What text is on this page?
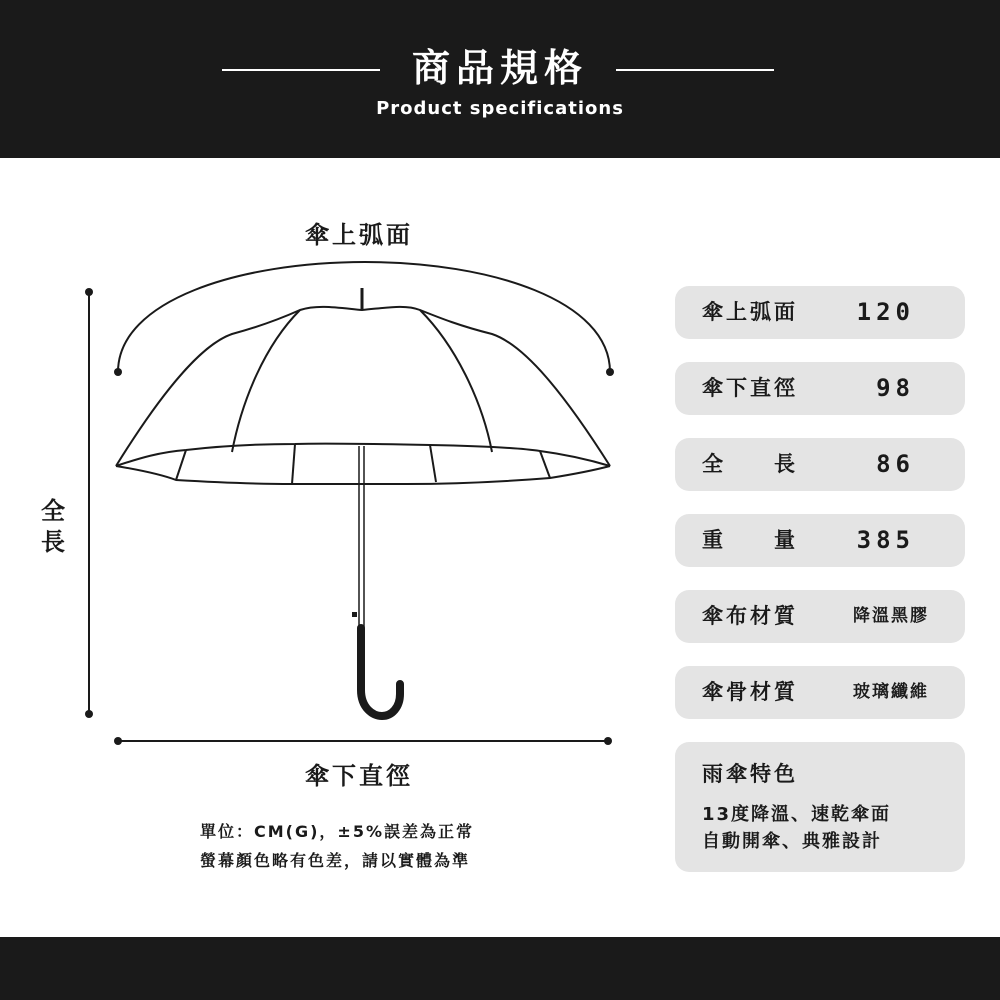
商品規格
Product specifications
傘上弧面
全
長
傘下直徑
單位：CM(G)，±5%誤差為正常
螢幕顏色略有色差，請以實體為準
傘上弧面 120
傘下直徑	98
全　　長	86
重　　量 385
傘布材質	降溫黑膠
傘骨材質	玻璃纖維
雨傘特色
13度降溫、速乾傘面
自動開傘、典雅設計
